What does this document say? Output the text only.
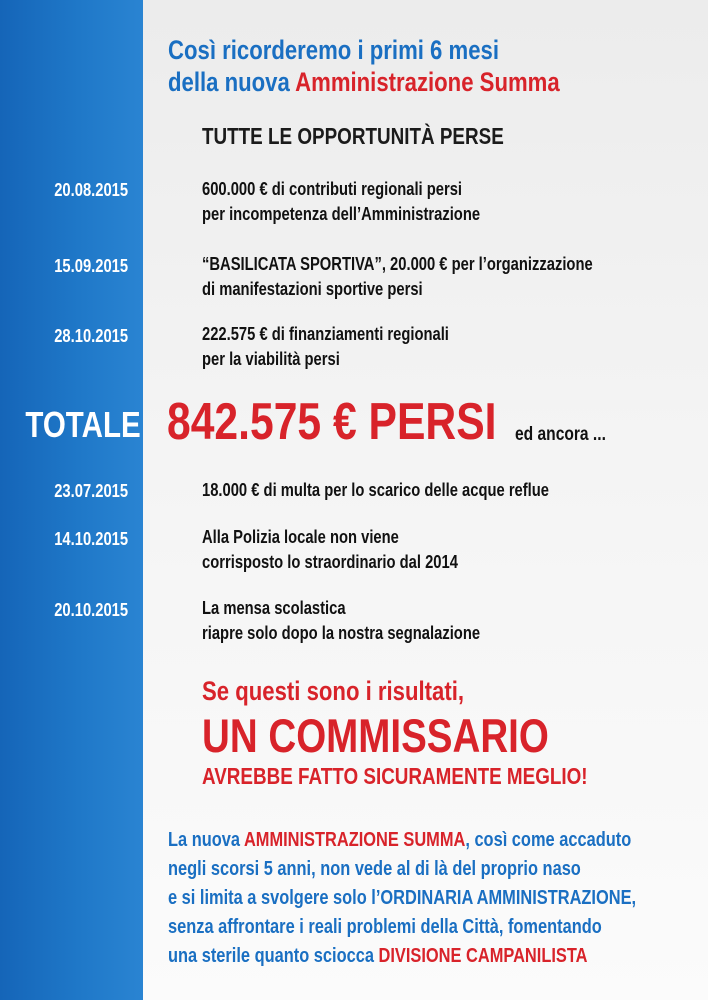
Così ricorderemo i primi 6 mesi
della nuova Amministrazione Summa
TUTTE LE OPPORTUNITÀ PERSE
20.08.2015	600.000 € di contributi regionali persi
per incompetenza dell’Amministrazione
15.09.2015	“BASILICATA SPORTIVA”, 20.000 € per l’organizzazione
di manifestazioni sportive persi
28.10.2015	222.575 € di finanziamenti regionali
per la viabilità persi
TOTALE 842.575 € PERSI ed ancora ...
23.07.2015	18.000 € di multa per lo scarico delle acque reflue
14.10.2015	Alla Polizia locale non viene
corrisposto lo straordinario dal 2014
20.10.2015	La mensa scolastica
riapre solo dopo la nostra segnalazione
Se questi sono i risultati,
UN COMMISSARIO
AVREBBE FATTO SICURAMENTE MEGLIO!
La nuova AMMINISTRAZIONE SUMMA, così come accaduto
negli scorsi 5 anni, non vede al di là del proprio naso
e si limita a svolgere solo l’ORDINARIA AMMINISTRAZIONE,
senza affrontare i reali problemi della Città, fomentando
una sterile quanto sciocca DIVISIONE CAMPANILISTA
